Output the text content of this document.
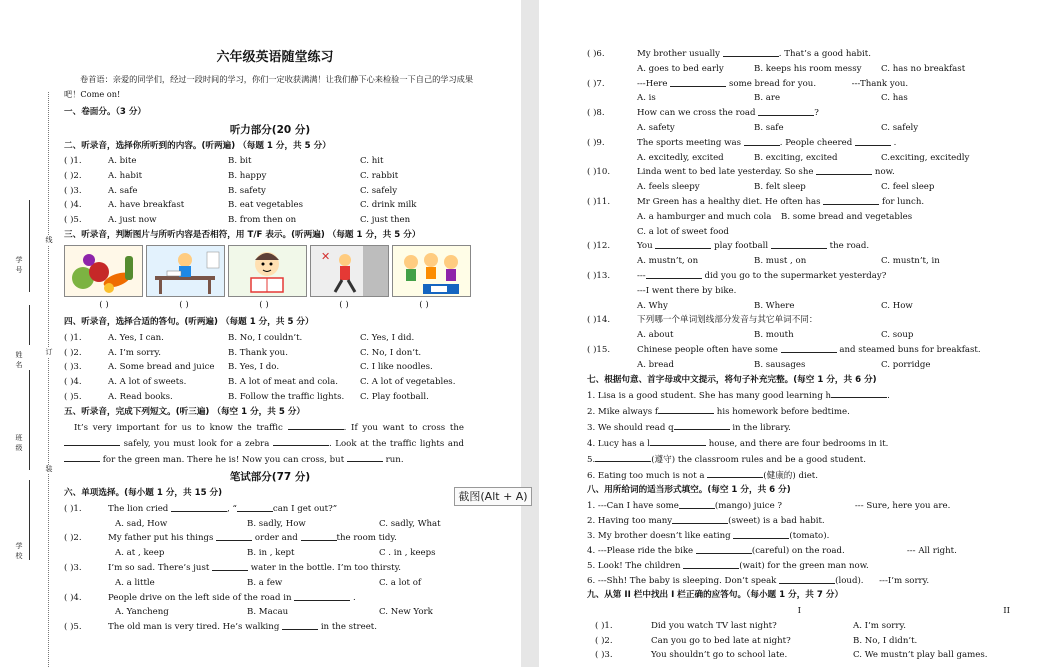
学号
姓名
班级
学校
线
订
装
六年级英语随堂练习
卷首语：亲爱的同学们，经过一段时间的学习，你们一定收获满满！让我们静下心来检验一下自己的学习成果吧！Come on!
一、卷面分。（3 分）
听力部分(20 分)
二、听录音，选择你所听到的内容。(听两遍) （每题 1 分，共 5 分）
( )1.	A. bite	B. bit	C. hit
( )2.	A. habit	B. happy	C. rabbit
( )3.	A. safe	B. safety	C. safely
( )4.	A. have breakfast	B. eat vegetables	C. drink milk
( )5.	A. just now	B. from then on	C. just then
三、听录音，判断图片与所听内容是否相符，用 T/F 表示。(听两遍) （每题 1 分，共 5 分）
✕
( )	( )	( )	( )	( )
四、听录音，选择合适的答句。(听两遍) （每题 1 分，共 5 分）
( )1.	A. Yes, I can.	B. No, I couldn’t.	C. Yes, I did.
( )2.	A. I’m sorry.	B. Thank you.	C. No, I don’t.
( )3.	A. Some bread and juice	B. Yes, I do.	C. I like noodles.
( )4.	A. A lot of sweets.	B. A lot of meat and cola.	C. A lot of vegetables.
( )5.	A. Read books.	B. Follow the traffic lights.	C. Play football.
五、听录音，完成下列短文。(听三遍) （每空 1 分，共 5 分）
It’s very important for us to know the traffic	. If you want to cross the  safely, you must look for a zebra	. Look at the traffic lights and  for the green man. There he is! Now you can cross, but	run.
笔试部分(77 分)
六、单项选择。(每小题 1 分，共 15 分)
( )1.	The lion cried
	, “	can I get out?”
A. sad, How	B. sadly, How	C. sadly, What
( )2.	My father put his things

	order and
	the room tidy.
A. at , keep	B. in , kept	C . in , keeps
( )3.	I’m so sad. There’s just

	water in the bottle. I’m too thirsty.
A. a little	B. a few	C. a lot of
( )4.	People drive on the left side of the road in

	.
A. Yancheng	B. Macau	C. New York
( )5.	The old man is very tired. He’s walking

	in the street.
( )6.	My brother usually
	. That’s a good habit.
A. goes to bed early	B. keeps his room messy	C. has no breakfast
( )7.	---Here

	some bread for you.             ---Thank you.
A. is	B. are	C. has
( )8.	How can we cross the road
	?
A. safety	B. safe	C. safely
( )9.	The sports meeting was
	. People cheered
	.
A. excitedly, excited	B. exciting, excited	C.exciting, excitedly
( )10.	Linda went to bed late yesterday. So she

	now.
A. feels sleepy	B. felt sleep	C. feel sleep
( )11.	Mr Green has a healthy diet. He often has

	for lunch.
A. a hamburger and much cola	B. some bread and vegetables
C. a lot of sweet food
( )12.	You

	play football

	the road.
A. mustn’t, on	B. must , on	C. mustn’t, in
( )13.	---
	did you go to the supermarket yesterday?
---I went there by bike.
A. Why	B. Where	C. How
( )14.	下列哪一个单词划线部分发音与其它单词不同：
A. about	B. mouth	C. soup
( )15.	Chinese people often have some

	and steamed buns for breakfast.
A. bread	B. sausages	C. porridge
七、根据句意、首字母或中文提示，将句子补充完整。(每空 1 分，共 6 分)
1. Lisa is a good student. She has many good learning h	.
2. Mike always f	his homework before bedtime.
3. We should read q	in the library.
4. Lucy has a l	house, and there are four bedrooms in it.
5.	(遵守) the classroom rules and be a good student.
6. Eating too much is not a	(健康的) diet.
八、用所给词的适当形式填空。(每空 1 分，共 6 分)
1. ---Can I have some	(mango) juice ?	--- Sure, here you are.
2. Having too many	(sweet) is a bad habit.
3. My brother doesn’t like eating
	(tomato).
4. ---Please ride the bike
	(careful) on the road.	--- All right.
5. Look! The children
	(wait) for the green man now.
6. ---Shh! The baby is sleeping. Don’t speak
	(loud).	---I’m sorry.
九、从第 II 栏中找出 I 栏正确的应答句。（每小题 1 分，共 7 分）
I	II
( )1.	Did you watch TV last night?	A. I’m sorry.
( )2.	Can you go to bed late at night?	B. No, I didn’t.
( )3.	You shouldn’t go to school late.	C. We mustn’t play ball games.
截图(Alt + A)
